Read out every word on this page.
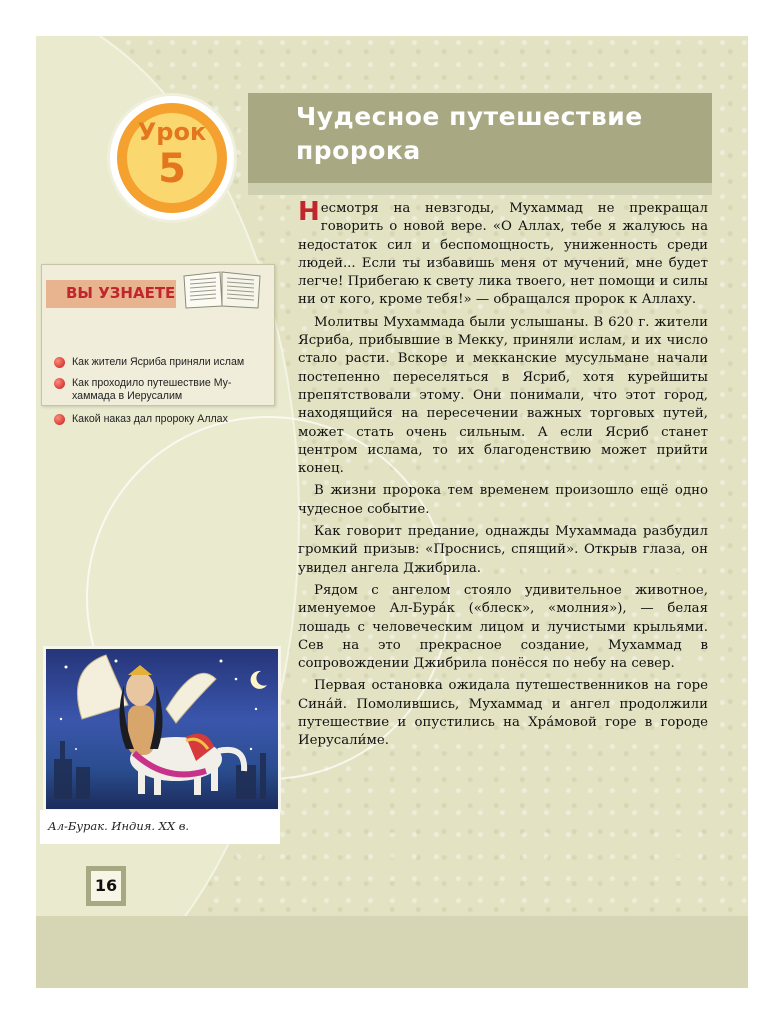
Чудесное путешествие
пророка
Урок
5
ВЫ УЗНАЕТЕ
Как жители Ясриба приняли ислам
Как проходило путешествие Му-
хаммада в Иерусалим
Какой наказ дал пророку Аллах

Несмотря на невзгоды, Мухаммад не прекращал говорить о новой вере. «О Аллах, тебе я жалуюсь на недостаток сил и беспомощность, униженность среди людей... Если ты избавишь меня от мучений, мне будет легче! Прибегаю к свету лика твоего, нет помощи и силы ни от кого, кроме тебя!» — обращался пророк к Аллаху.

Молитвы Мухаммада были услышаны. В 620 г. жители Ясриба, прибывшие в Мекку, приняли ислам, и их число стало расти. Вскоре и мекканские мусульмане начали постепенно переселяться в Ясриб, хотя курейшиты препятствовали этому. Они понимали, что этот город, находящийся на пересечении важных торговых путей, может стать очень сильным. А если Ясриб станет центром ислама, то их благоденствию может прийти конец.

В жизни пророка тем временем произошло ещё одно чудесное событие.

Как говорит предание, однажды Мухаммада разбудил громкий призыв: «Проснись, спящий». Открыв глаза, он увидел ангела Джибрила.

Рядом с ангелом стояло удивительное животное, именуемое Ал-Бура́к («блеск», «молния»), — белая лошадь с человеческим лицом и лучистыми крыльями. Сев на это прекрасное создание, Мухаммад в сопровождении Джибрила понёсся по небу на север.

Первая остановка ожидала путешественников на горе Сина́й. Помолившись, Мухаммад и ангел продолжили путешествие и опустились на Хра́мовой горе в городе Иерусали́ме.

Ал-Бурак. Индия. XX в.
16
